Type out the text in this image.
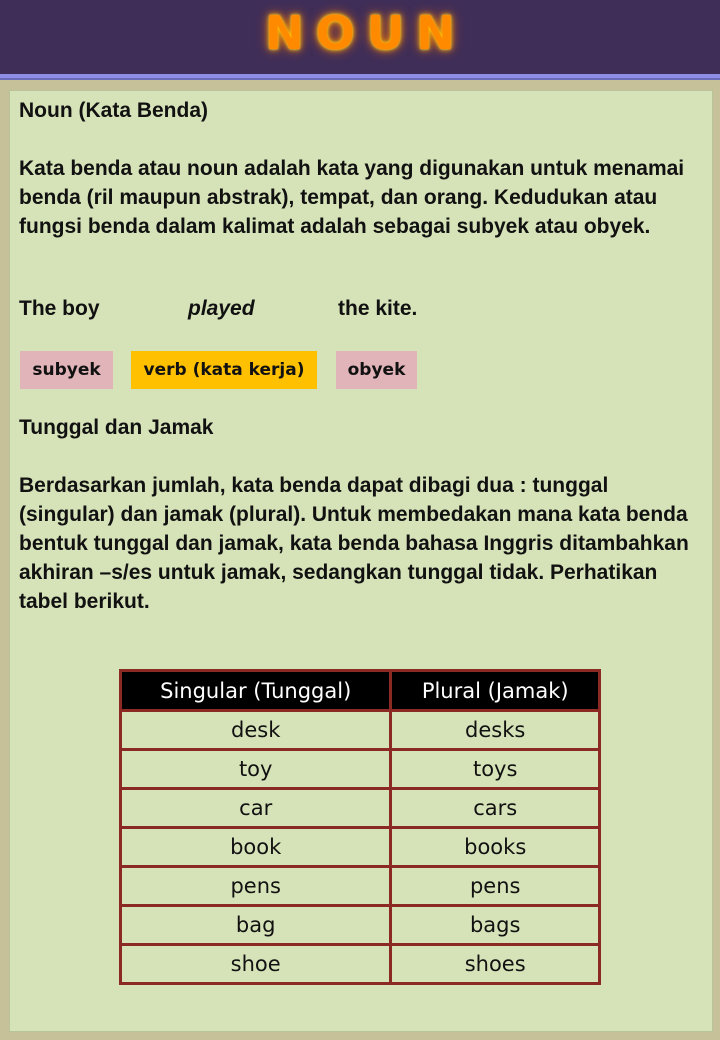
NOUN

Noun (Kata Benda)

Kata benda atau noun adalah kata yang digunakan untuk menamai benda (ril maupun abstrak), tempat, dan orang. Kedudukan atau fungsi benda dalam kalimat adalah sebagai subyek atau obyek.

The boy	played	the kite.
subyek	verb (kata kerja)	obyek

Tunggal dan Jamak

Berdasarkan jumlah, kata benda dapat dibagi dua : tunggal (singular) dan jamak (plural). Untuk membedakan mana kata benda bentuk tunggal dan jamak, kata benda bahasa Inggris ditambahkan akhiran –s/es untuk jamak, sedangkan tunggal tidak. Perhatikan tabel berikut.

Singular (Tunggal)	Plural (Jamak)
desk	desks
toy	toys
car	cars
book	books
pens	pens
bag	bags
shoe	shoes
